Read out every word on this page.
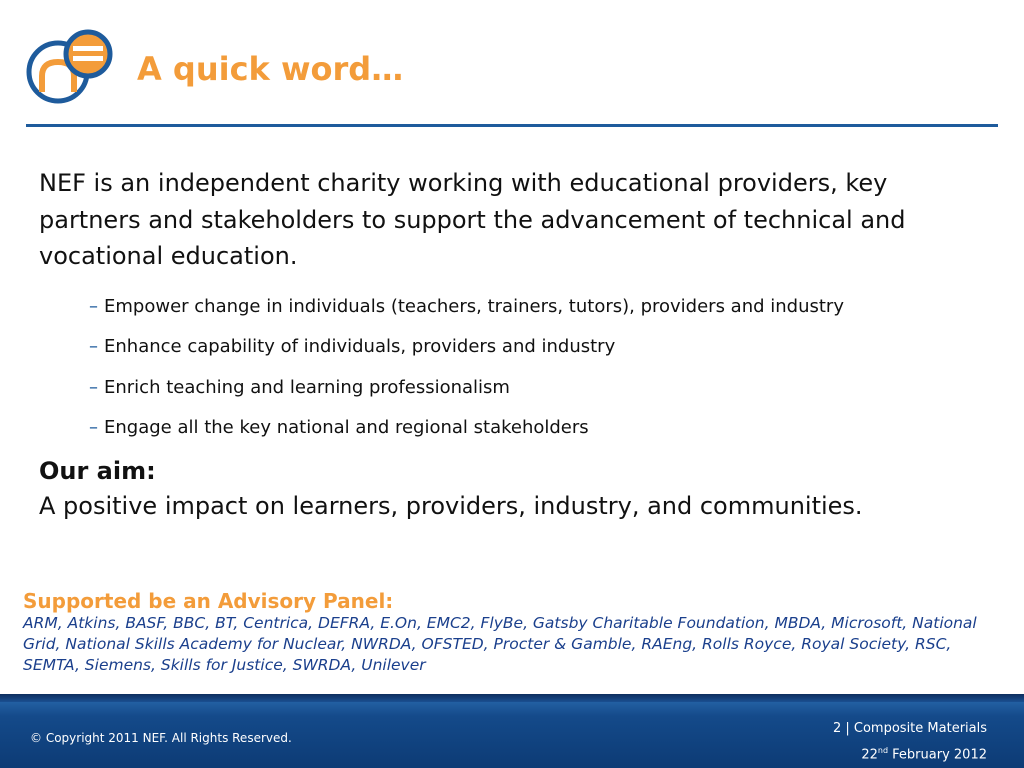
A quick word…

NEF is an independent charity working with educational providers, key partners and stakeholders to support the advancement of technical and vocational education.

– Empower change in individuals (teachers, trainers, tutors), providers and industry
– Enhance capability of individuals, providers and industry
– Enrich teaching and learning professionalism
– Engage all the key national and regional stakeholders

Our aim:

A positive impact on learners, providers, industry, and communities.

Supported be an Advisory Panel:

ARM, Atkins, BASF, BBC, BT, Centrica, DEFRA, E.On, EMC2, FlyBe, Gatsby Charitable Foundation, MBDA, Microsoft, National Grid, National Skills Academy for Nuclear, NWRDA, OFSTED, Procter & Gamble, RAEng, Rolls Royce, Royal Society, RSC, SEMTA, Siemens, Skills for Justice, SWRDA, Unilever

© Copyright 2011 NEF. All Rights Reserved.
2 | Composite Materials
22nd February 2012
